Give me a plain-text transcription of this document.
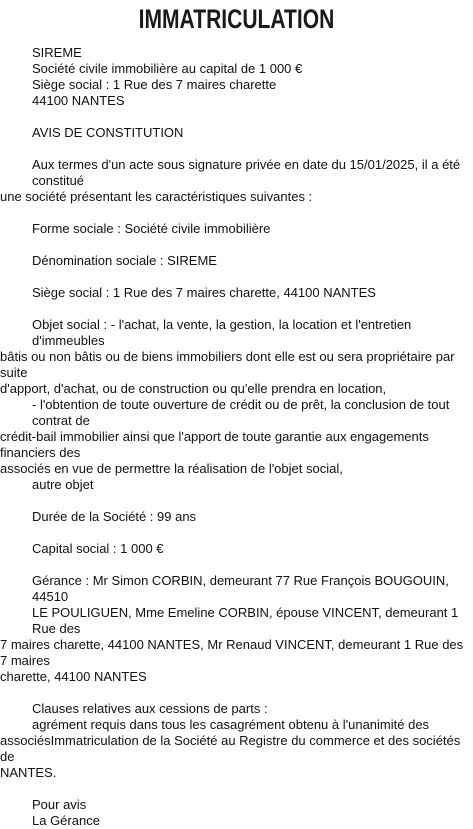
IMMATRICULATION
SIREME
Société civile immobilière au capital de 1 000 €
Siège social : 1 Rue des 7 maires charette
44100 NANTES
AVIS DE CONSTITUTION
Aux termes d'un acte sous signature privée en date du 15/01/2025, il a été constitué
une société présentant les caractéristiques suivantes :
Forme sociale : Société civile immobilière
Dénomination sociale : SIREME
Siège social : 1 Rue des 7 maires charette, 44100 NANTES
Objet social : - l'achat, la vente, la gestion, la location et l'entretien d'immeubles
bâtis ou non bâtis ou de biens immobiliers dont elle est ou sera propriétaire par suite
d'apport, d'achat, ou de construction ou qu'elle prendra en location,
- l'obtention de toute ouverture de crédit ou de prêt, la conclusion de tout contrat de
crédit-bail immobilier ainsi que l'apport de toute garantie aux engagements financiers des
associés en vue de permettre la réalisation de l'objet social,
autre objet
Durée de la Société : 99 ans
Capital social : 1 000 €
Gérance : Mr Simon CORBIN, demeurant 77 Rue François BOUGOUIN, 44510
LE POULIGUEN, Mme Emeline CORBIN, épouse VINCENT, demeurant 1 Rue des
7 maires charette, 44100 NANTES, Mr Renaud VINCENT, demeurant 1 Rue des 7 maires
charette, 44100 NANTES
Clauses relatives aux cessions de parts :
agrément requis dans tous les casagrément obtenu à l'unanimité des
associésImmatriculation de la Société au Registre du commerce et des sociétés de
NANTES.
Pour avis
La Gérance
